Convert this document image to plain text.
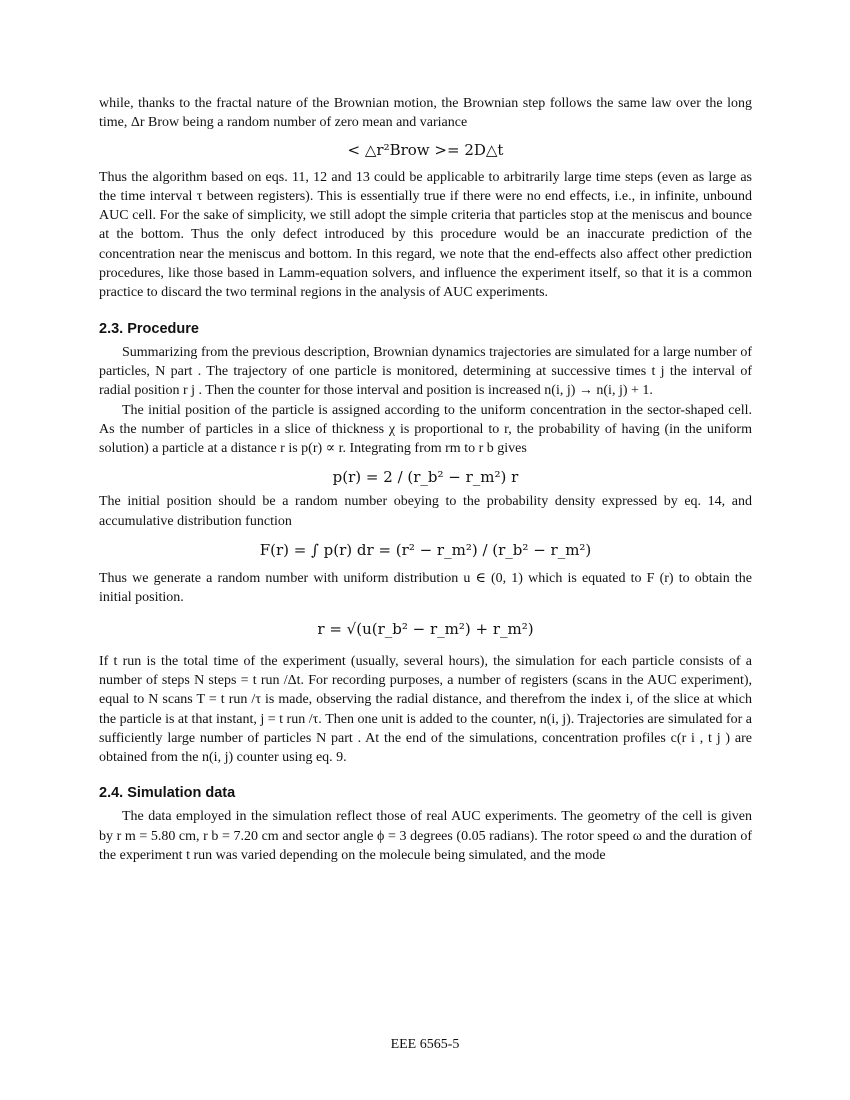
while, thanks to the fractal nature of the Brownian motion, the Brownian step follows the same law over the long time, Δr Brow being a random number of zero mean and variance

< △r²Brow >= 2D△t

Thus the algorithm based on eqs. 11, 12 and 13 could be applicable to arbitrarily large time steps (even as large as the time interval τ between registers). This is essentially true if there were no end effects, i.e., in infinite, unbound AUC cell. For the sake of simplicity, we still adopt the simple criteria that particles stop at the meniscus and bounce at the bottom. Thus the only defect introduced by this procedure would be an inaccurate prediction of the concentration near the meniscus and bottom. In this regard, we note that the end-effects also affect other prediction procedures, like those based in Lamm-equation solvers, and influence the experiment itself, so that it is a common practice to discard the two terminal regions in the analysis of AUC experiments.

2.3. Procedure

Summarizing from the previous description, Brownian dynamics trajectories are simulated for a large number of particles, N part . The trajectory of one particle is monitored, determining at successive times t j the interval of radial position r j . Then the counter for those interval and position is increased n(i, j) → n(i, j) + 1.

The initial position of the particle is assigned according to the uniform concentration in the sector-shaped cell. As the number of particles in a slice of thickness χ is proportional to r, the probability of having (in the uniform solution) a particle at a distance r is p(r) ∝ r. Integrating from rm to r b gives

p(r) = 2 / (r_b² − r_m²) r

The initial position should be a random number obeying to the probability density expressed by eq. 14, and accumulative distribution function

F(r) = ∫ p(r) dr = (r² − r_m²) / (r_b² − r_m²)

Thus we generate a random number with uniform distribution u ∈ (0, 1) which is equated to F (r) to obtain the initial position.

r = √(u(r_b² − r_m²) + r_m²)

If t run is the total time of the experiment (usually, several hours), the simulation for each particle consists of a number of steps N steps = t run /Δt. For recording purposes, a number of registers (scans in the AUC experiment), equal to N scans T = t run /τ is made, observing the radial distance, and therefrom the index i, of the slice at which the particle is at that instant, j = t run /τ. Then one unit is added to the counter, n(i, j). Trajectories are simulated for a sufficiently large number of particles N part . At the end of the simulations, concentration profiles c(r i , t j ) are obtained from the n(i, j) counter using eq. 9.

2.4. Simulation data

The data employed in the simulation reflect those of real AUC experiments. The geometry of the cell is given by r m = 5.80 cm, r b = 7.20 cm and sector angle ϕ = 3 degrees (0.05 radians). The rotor speed ω and the duration of the experiment t run was varied depending on the molecule being simulated, and the mode

EEE 6565-5
